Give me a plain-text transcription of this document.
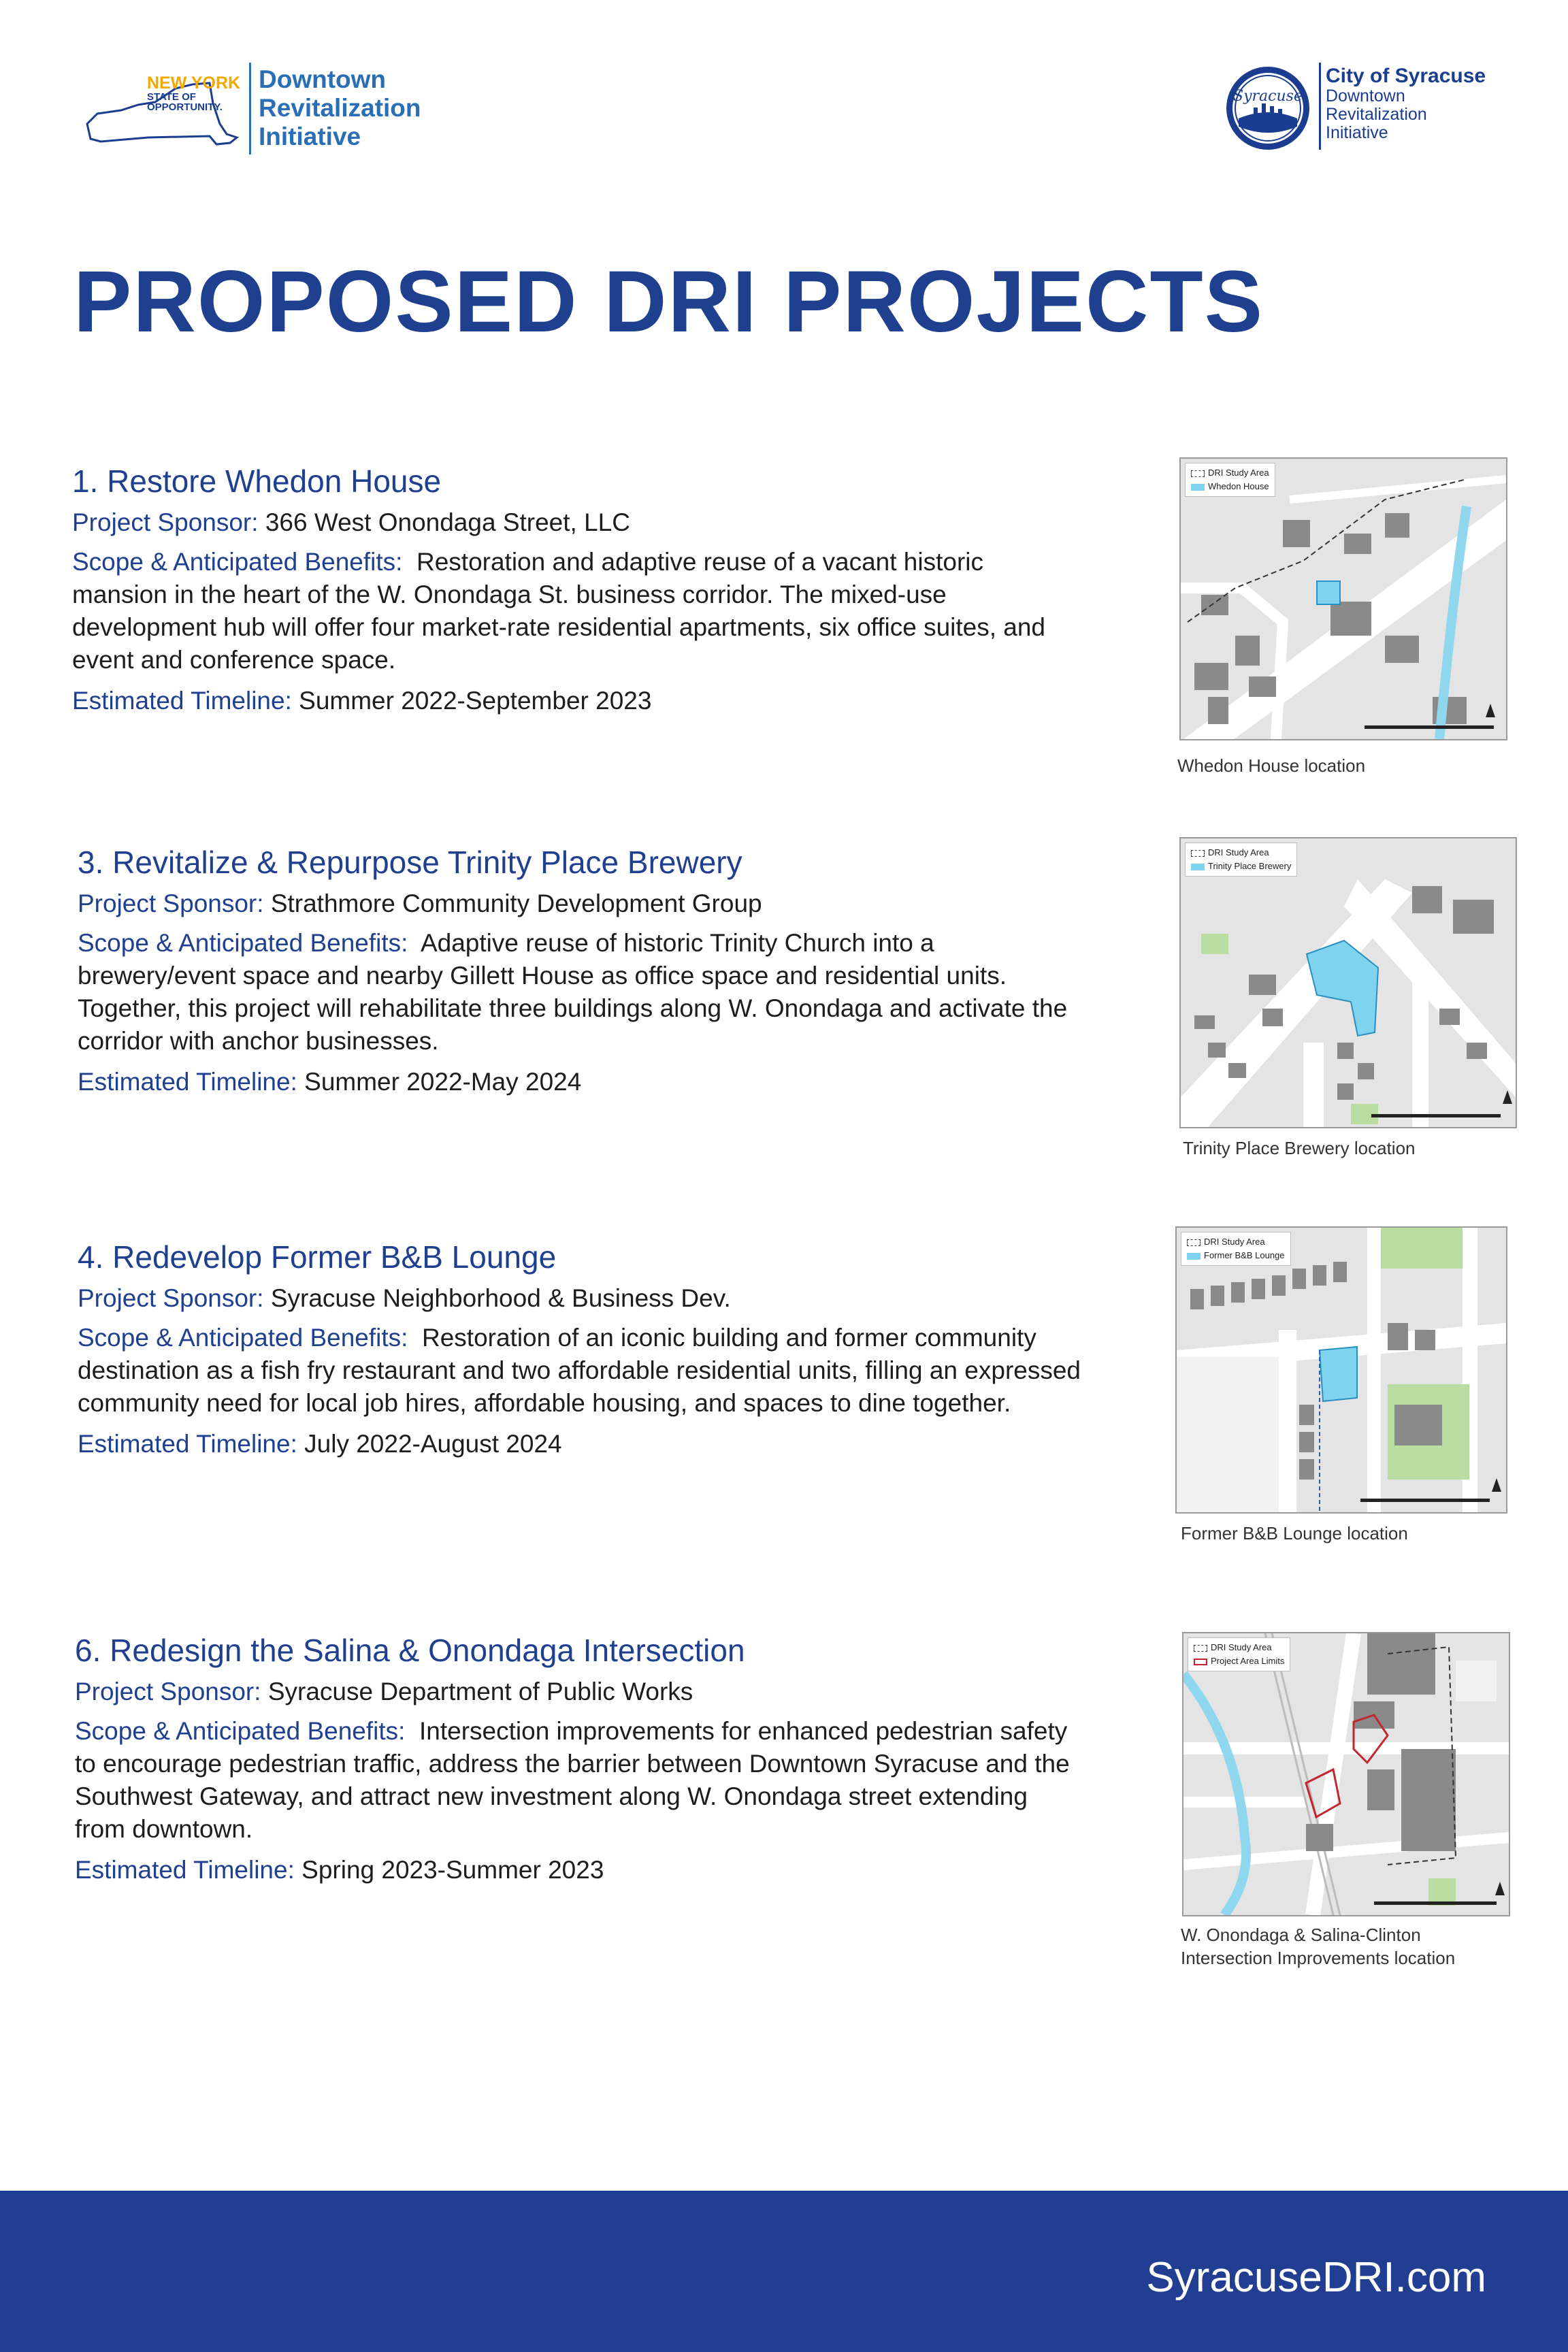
NEW YORK
STATE OF
OPPORTUNITY.
Downtown
Revitalization
Initiative
Syracuse
City of Syracuse
Downtown
Revitalization
Initiative
PROPOSED DRI PROJECTS
1. Restore Whedon House

Project Sponsor: 366 West Onondaga Street, LLC

Scope & Anticipated Benefits: Restoration and adaptive reuse of a vacant historic mansion in the heart of the W. Onondaga St. business corridor. The mixed-use development hub will offer four market-rate residential apartments, six office suites, and event and conference space.

Estimated Timeline: Summer 2022-September 2023

DRI Study Area
Whedon House
Whedon House location
3. Revitalize & Repurpose Trinity Place Brewery

Project Sponsor: Strathmore Community Development Group

Scope & Anticipated Benefits: Adaptive reuse of historic Trinity Church into a brewery/event space and nearby Gillett House as office space and residential units. Together, this project will rehabilitate three buildings along W. Onondaga and activate the corridor with anchor businesses.

Estimated Timeline: Summer 2022-May 2024

DRI Study Area
Trinity Place Brewery
Trinity Place Brewery location
4. Redevelop Former B&B Lounge

Project Sponsor: Syracuse Neighborhood & Business Dev.

Scope & Anticipated Benefits: Restoration of an iconic building and former community destination as a fish fry restaurant and two affordable residential units, filling an expressed community need for local job hires, affordable housing, and spaces to dine together.

Estimated Timeline: July 2022-August 2024

DRI Study Area
Former B&B Lounge
Former B&B Lounge location
6. Redesign the Salina & Onondaga Intersection

Project Sponsor: Syracuse Department of Public Works

Scope & Anticipated Benefits: Intersection improvements for enhanced pedestrian safety to encourage pedestrian traffic, address the barrier between Downtown Syracuse and the Southwest Gateway, and attract new investment along W. Onondaga street extending from downtown.

Estimated Timeline: Spring 2023-Summer 2023

DRI Study Area
Project Area Limits
W. Onondaga & Salina-Clinton
Intersection Improvements location
SyracuseDRI.com
